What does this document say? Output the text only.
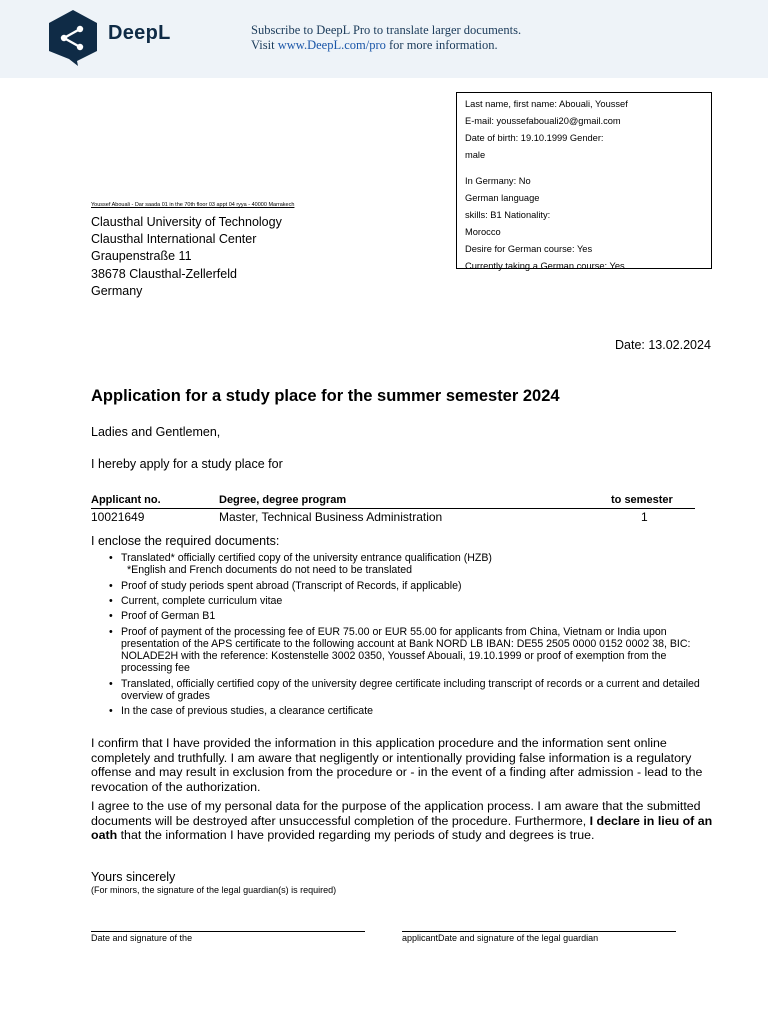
DeepL	Subscribe to DeepL Pro to translate larger documents.
Visit www.DeepL.com/pro for more information.
Last name, first name: Abouali, Youssef
E-mail: youssefabouali20@gmail.com
Date of birth: 19.10.1999 Gender:
male
In Germany: No
German language
skills: B1 Nationality:
Morocco
Desire for German course: Yes
Currently taking a German course: Yes
Youssef Abouali - Dar saada 01 in the 70th floor 03 appt 04 ryya - 40000 Marrakech
Clausthal University of Technology
Clausthal International Center
Graupenstraße 11
38678 Clausthal-Zellerfeld
Germany
Date: 13.02.2024
Application for a study place for the summer semester 2024
Ladies and Gentlemen,
I hereby apply for a study place for
Applicant no.	Degree, degree program	to semester
10021649	Master, Technical Business Administration	1
I enclose the required documents:
• Translated* officially certified copy of the university entrance qualification (HZB)
*English and French documents do not need to be translated
• Proof of study periods spent abroad (Transcript of Records, if applicable)
• Current, complete curriculum vitae
• Proof of German B1
• Proof of payment of the processing fee of EUR 75.00 or EUR 55.00 for applicants from China, Vietnam or India upon presentation of the APS certificate to the following account at Bank NORD LB IBAN: DE55 2505 0000 0152 0002 38, BIC: NOLADE2H with the reference: Kostenstelle 3002 0350, Youssef Abouali, 19.10.1999 or proof of exemption from the processing fee
• Translated, officially certified copy of the university degree certificate including transcript of records or a current and detailed overview of grades
• In the case of previous studies, a clearance certificate
I confirm that I have provided the information in this application procedure and the information sent online completely and truthfully. I am aware that negligently or intentionally providing false information is a regulatory offense and may result in exclusion from the procedure or - in the event of a finding after admission - lead to the revocation of the authorization.
I agree to the use of my personal data for the purpose of the application process. I am aware that the submitted documents will be destroyed after unsuccessful completion of the procedure. Furthermore, I declare in lieu of an oath that the information I have provided regarding my periods of study and degrees is true.
Yours sincerely
(For minors, the signature of the legal guardian(s) is required)
Date and signature of the	applicantDate and signature of the legal guardian
